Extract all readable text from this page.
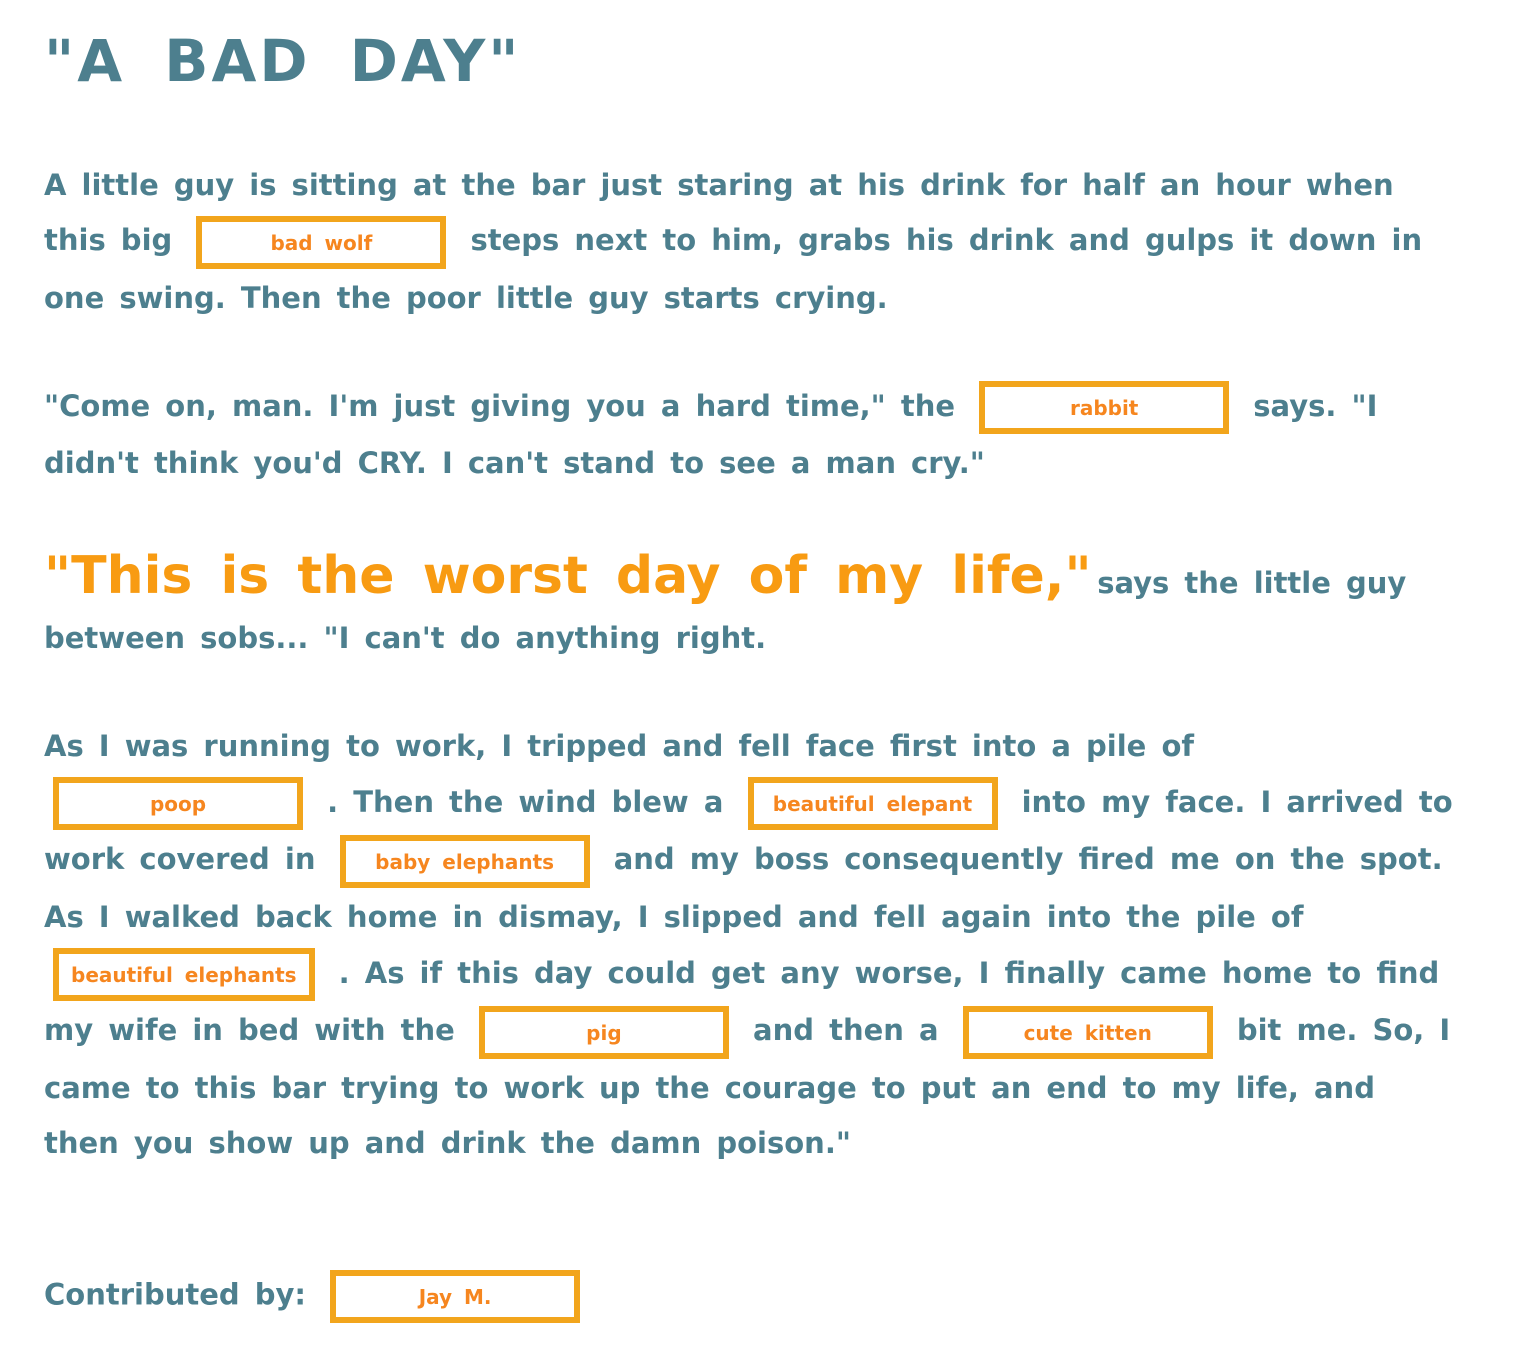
"A BAD DAY"

A little guy is sitting at the bar just staring at his drink for half an hour when this big	bad wolf	steps next to him, grabs his drink and gulps it down in one swing. Then the poor little guy starts crying.

"Come on, man. I'm just giving you a hard time," the	rabbit	says. "I didn't think you'd CRY. I can't stand to see a man cry."

"This is the worst day of my life," says the little guy between sobs... "I can't do anything right.

As I was running to work, I tripped and fell face first into a pile of poop	. Then the wind blew a beautiful elepant into my face. I arrived to work covered in	baby elephants and my boss consequently fired me on the spot. As I walked back home in dismay, I slipped and fell again into the pile of beautiful elephants . As if this day could get any worse, I finally came home to find my wife in bed with the	pig	and then a	cute kitten	bit me. So, I came to this bar trying to work up the courage to put an end to my life, and then you show up and drink the damn poison."

Contributed by:	Jay M.
